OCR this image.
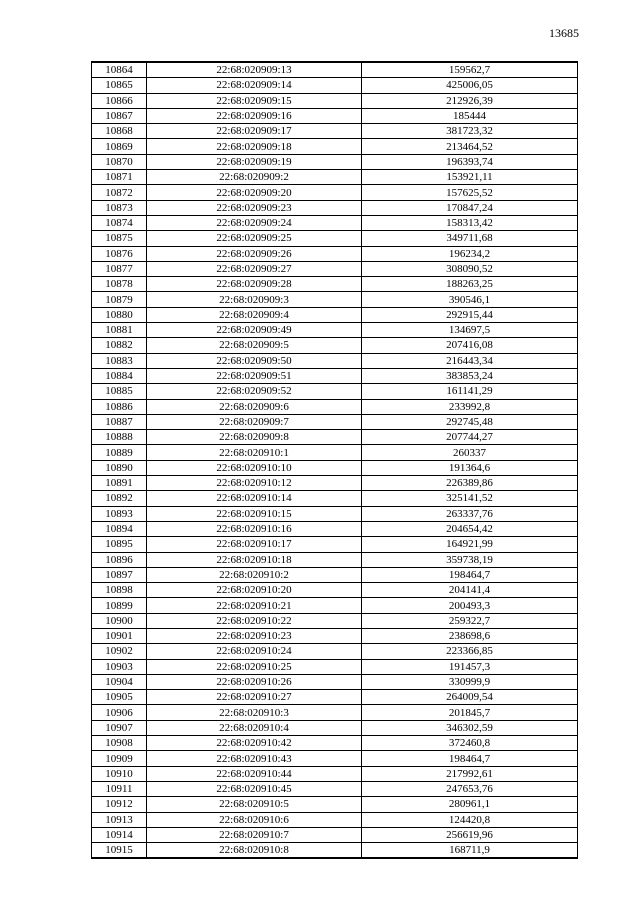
13685
10864	22:68:020909:13	159562,7
10865	22:68:020909:14	425006,05
10866	22:68:020909:15	212926,39
10867	22:68:020909:16	185444
10868	22:68:020909:17	381723,32
10869	22:68:020909:18	213464,52
10870	22:68:020909:19	196393,74
10871	22:68:020909:2	153921,11
10872	22:68:020909:20	157625,52
10873	22:68:020909:23	170847,24
10874	22:68:020909:24	158313,42
10875	22:68:020909:25	349711,68
10876	22:68:020909:26	196234,2
10877	22:68:020909:27	308090,52
10878	22:68:020909:28	188263,25
10879	22:68:020909:3	390546,1
10880	22:68:020909:4	292915,44
10881	22:68:020909:49	134697,5
10882	22:68:020909:5	207416,08
10883	22:68:020909:50	216443,34
10884	22:68:020909:51	383853,24
10885	22:68:020909:52	161141,29
10886	22:68:020909:6	233992,8
10887	22:68:020909:7	292745,48
10888	22:68:020909:8	207744,27
10889	22:68:020910:1	260337
10890	22:68:020910:10	191364,6
10891	22:68:020910:12	226389,86
10892	22:68:020910:14	325141,52
10893	22:68:020910:15	263337,76
10894	22:68:020910:16	204654,42
10895	22:68:020910:17	164921,99
10896	22:68:020910:18	359738,19
10897	22:68:020910:2	198464,7
10898	22:68:020910:20	204141,4
10899	22:68:020910:21	200493,3
10900	22:68:020910:22	259322,7
10901	22:68:020910:23	238698,6
10902	22:68:020910:24	223366,85
10903	22:68:020910:25	191457,3
10904	22:68:020910:26	330999,9
10905	22:68:020910:27	264009,54
10906	22:68:020910:3	201845,7
10907	22:68:020910:4	346302,59
10908	22:68:020910:42	372460,8
10909	22:68:020910:43	198464,7
10910	22:68:020910:44	217992,61
10911	22:68:020910:45	247653,76
10912	22:68:020910:5	280961,1
10913	22:68:020910:6	124420,8
10914	22:68:020910:7	256619,96
10915	22:68:020910:8	168711,9
